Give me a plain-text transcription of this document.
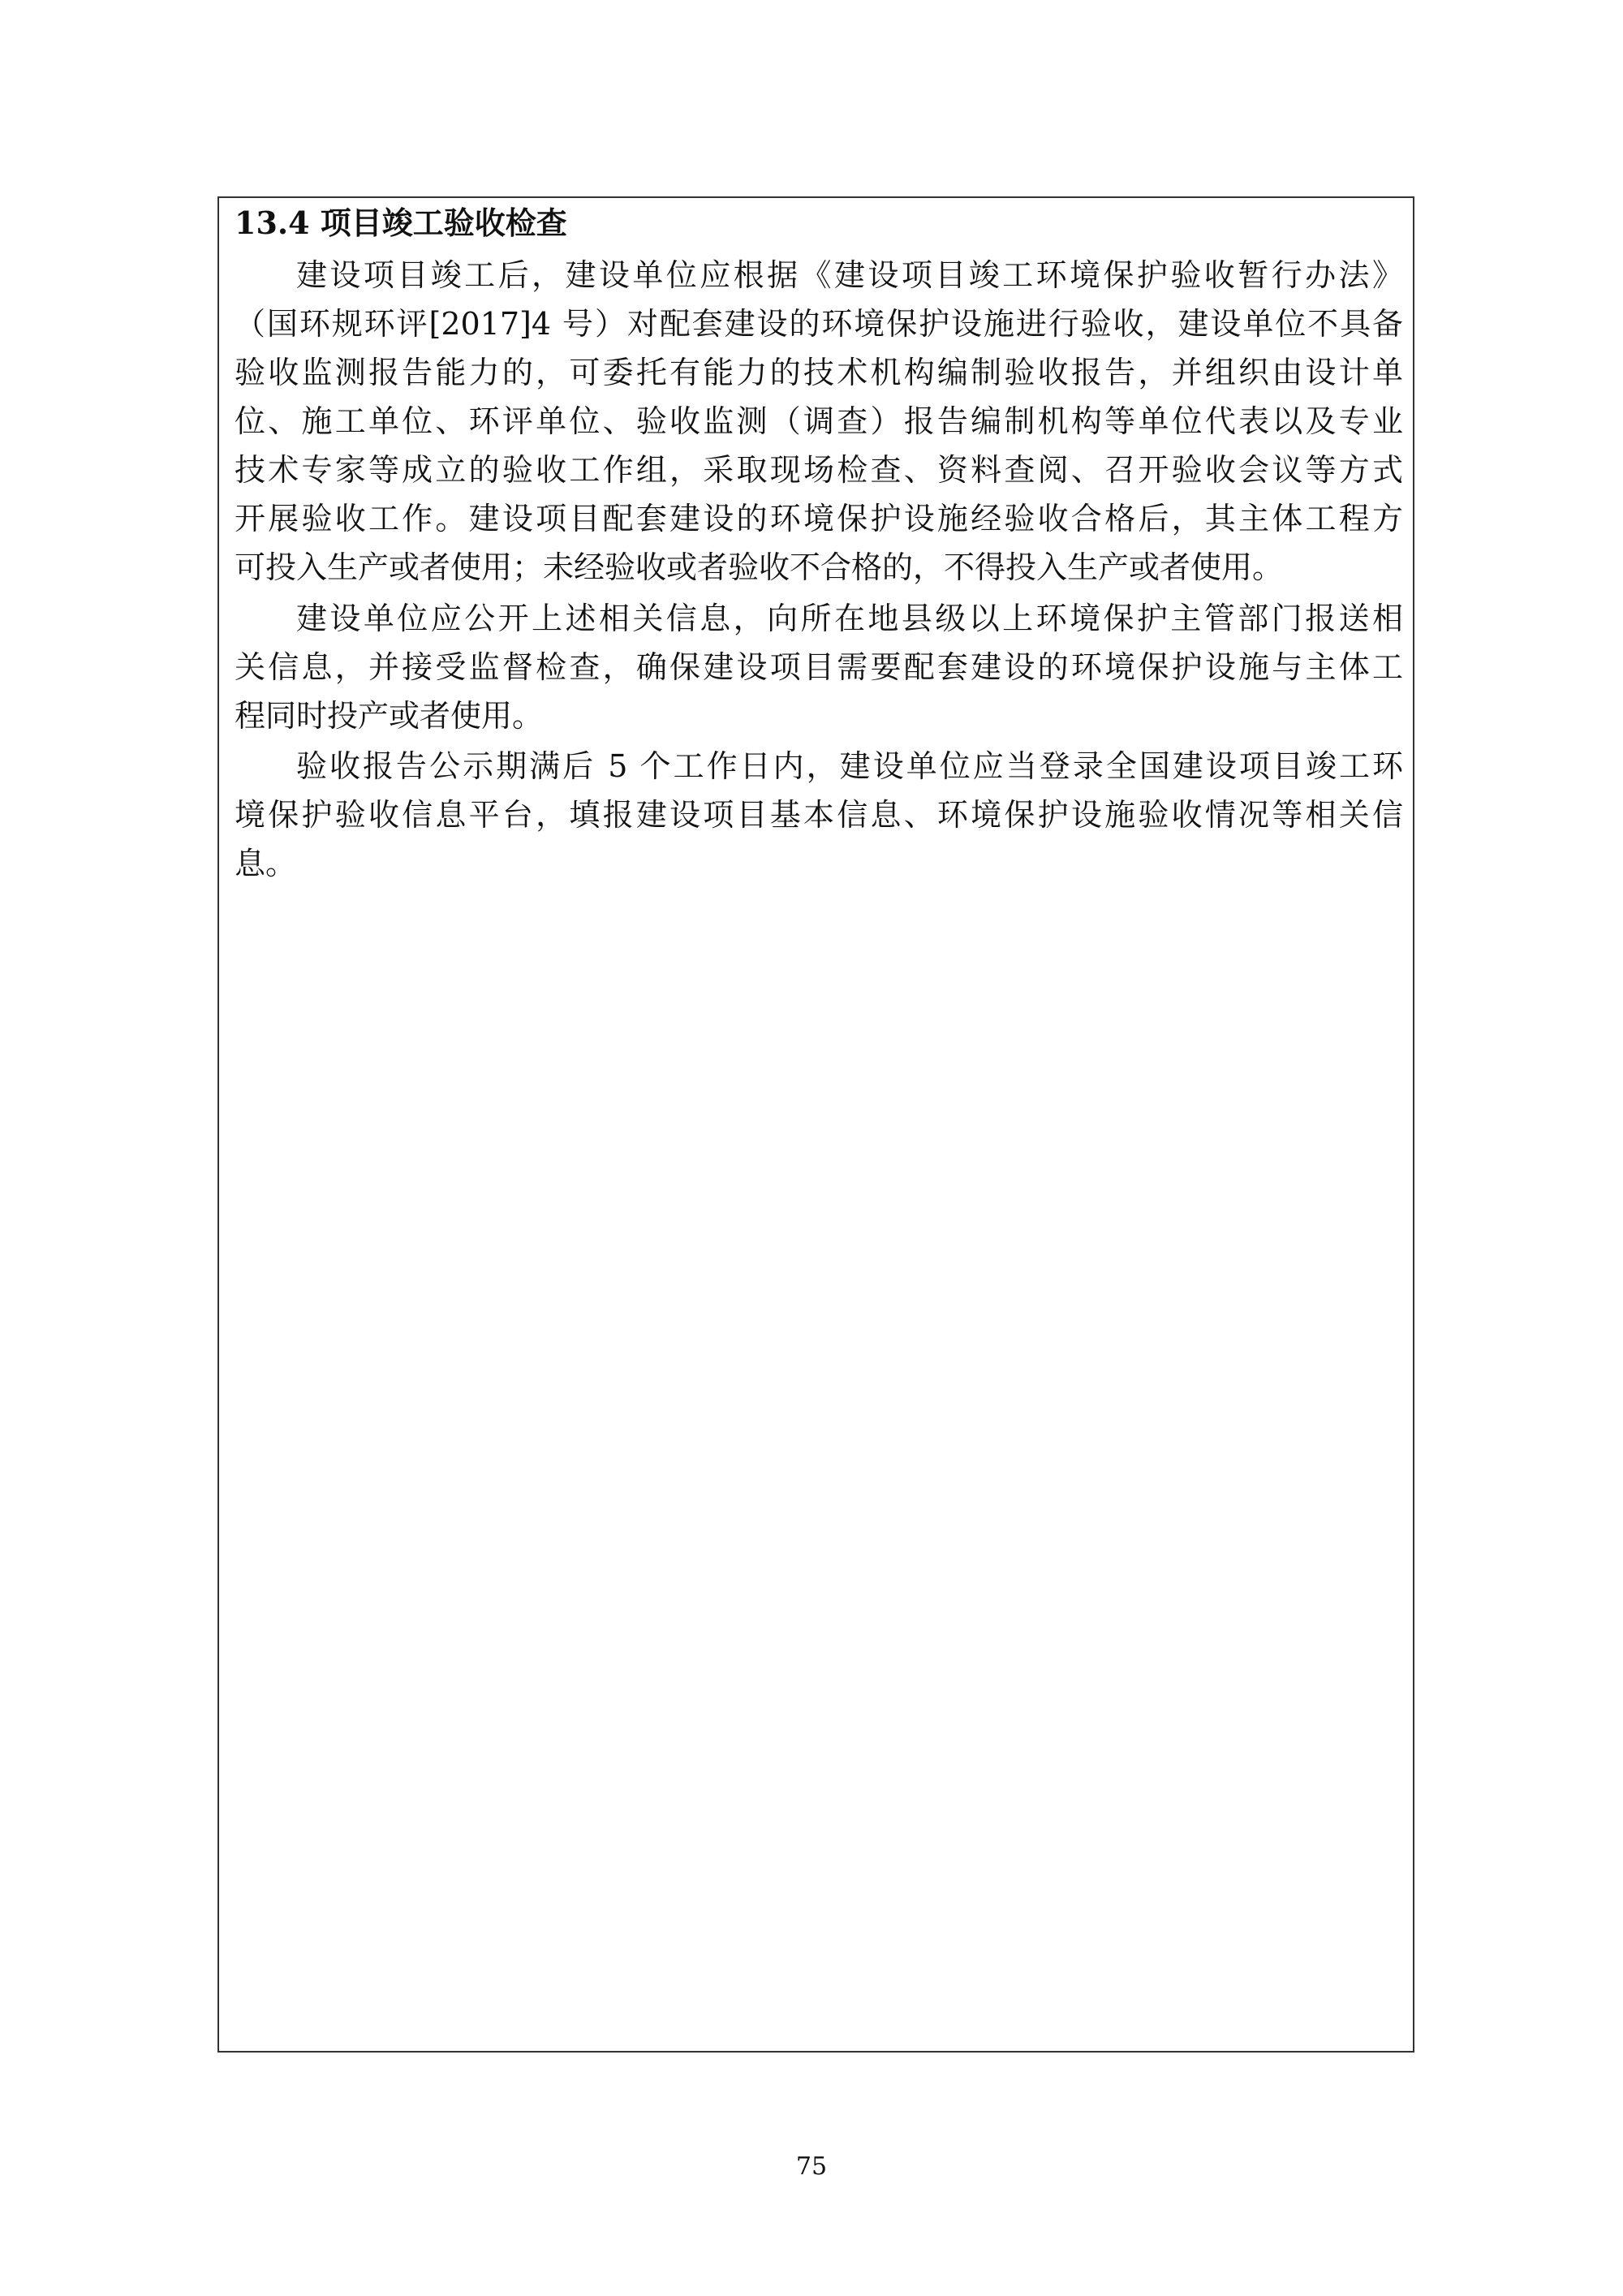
13.4 项目竣工验收检查
建设项目竣工后，建设单位应根据《建设项目竣工环境保护验收暂行办法》
（国环规环评[2017]4 号）对配套建设的环境保护设施进行验收，建设单位不具备
验收监测报告能力的，可委托有能力的技术机构编制验收报告，并组织由设计单
位、施工单位、环评单位、验收监测（调查）报告编制机构等单位代表以及专业
技术专家等成立的验收工作组，采取现场检查、资料查阅、召开验收会议等方式
开展验收工作。建设项目配套建设的环境保护设施经验收合格后，其主体工程方
可投入生产或者使用；未经验收或者验收不合格的，不得投入生产或者使用。
建设单位应公开上述相关信息，向所在地县级以上环境保护主管部门报送相
关信息，并接受监督检查，确保建设项目需要配套建设的环境保护设施与主体工
程同时投产或者使用。
验收报告公示期满后 5 个工作日内，建设单位应当登录全国建设项目竣工环
境保护验收信息平台，填报建设项目基本信息、环境保护设施验收情况等相关信
息。
75
